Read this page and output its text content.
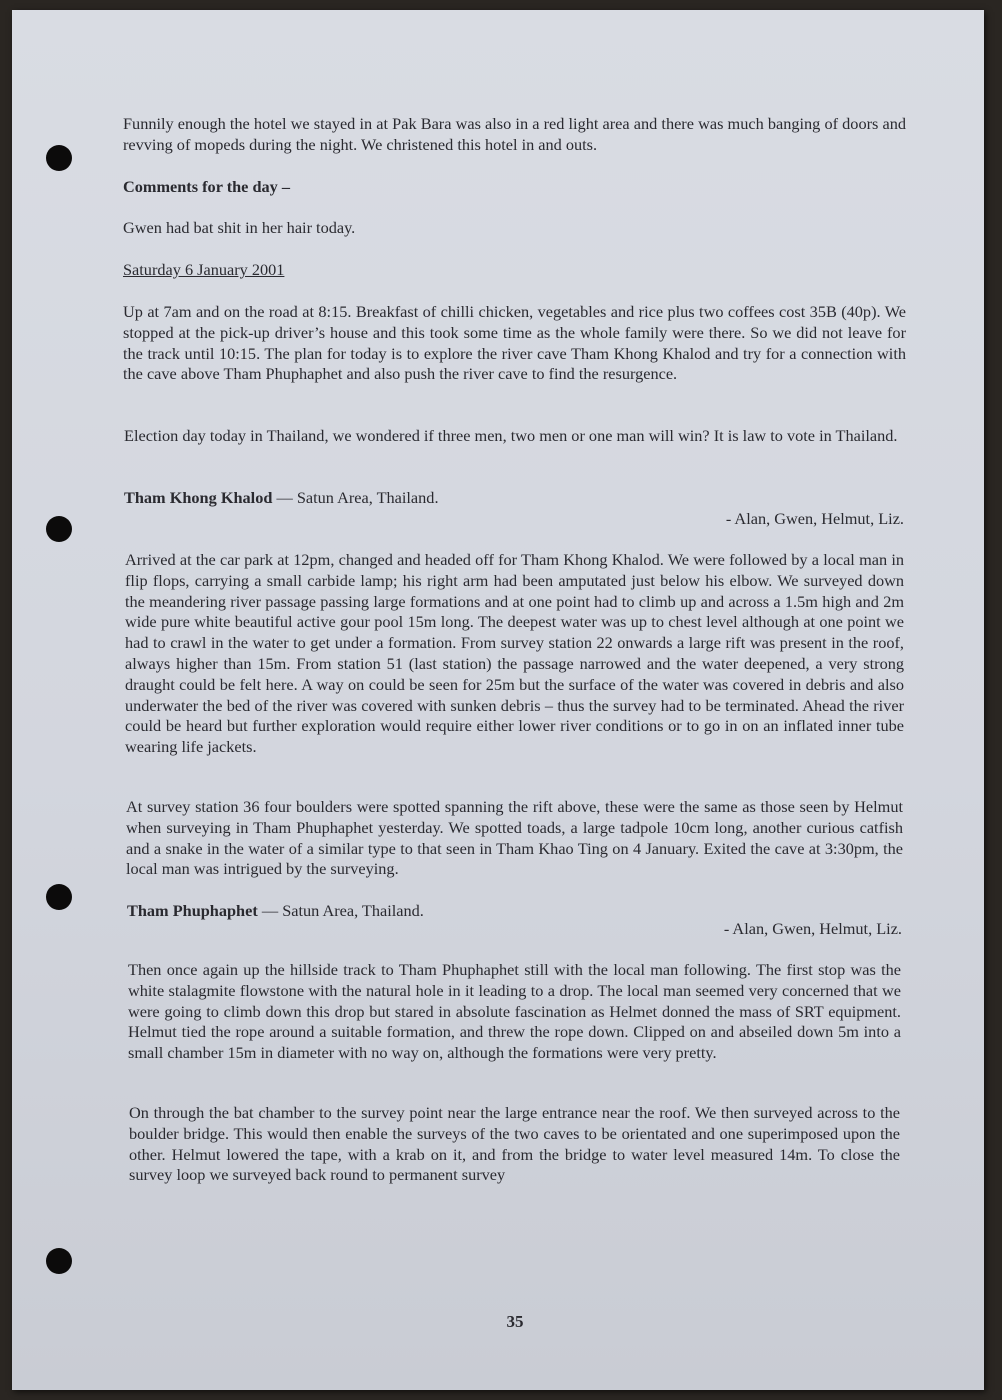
Funnily enough the hotel we stayed in at Pak Bara was also in a red light area and there was much banging of doors and revving of mopeds during the night. We christened this hotel in and outs.
Comments for the day –
Gwen had bat shit in her hair today.
Saturday 6 January 2001
Up at 7am and on the road at 8:15. Breakfast of chilli chicken, vegetables and rice plus two coffees cost 35B (40p). We stopped at the pick-up driver’s house and this took some time as the whole family were there. So we did not leave for the track until 10:15. The plan for today is to explore the river cave Tham Khong Khalod and try for a connection with the cave above Tham Phuphaphet and also push the river cave to find the resurgence.
Election day today in Thailand, we wondered if three men, two men or one man will win? It is law to vote in Thailand.
Tham Khong Khalod — Satun Area, Thailand.
- Alan, Gwen, Helmut, Liz.
Arrived at the car park at 12pm, changed and headed off for Tham Khong Khalod. We were followed by a local man in flip flops, carrying a small carbide lamp; his right arm had been amputated just below his elbow. We surveyed down the meandering river passage passing large formations and at one point had to climb up and across a 1.5m high and 2m wide pure white beautiful active gour pool 15m long. The deepest water was up to chest level although at one point we had to crawl in the water to get under a formation. From survey station 22 onwards a large rift was present in the roof, always higher than 15m. From station 51 (last station) the passage narrowed and the water deepened, a very strong draught could be felt here. A way on could be seen for 25m but the surface of the water was covered in debris and also underwater the bed of the river was covered with sunken debris – thus the survey had to be terminated. Ahead the river could be heard but further exploration would require either lower river conditions or to go in on an inflated inner tube wearing life jackets.
At survey station 36 four boulders were spotted spanning the rift above, these were the same as those seen by Helmut when surveying in Tham Phuphaphet yesterday. We spotted toads, a large tadpole 10cm long, another curious catfish and a snake in the water of a similar type to that seen in Tham Khao Ting on 4 January. Exited the cave at 3:30pm, the local man was intrigued by the surveying.
Tham Phuphaphet — Satun Area, Thailand.
- Alan, Gwen, Helmut, Liz.
Then once again up the hillside track to Tham Phuphaphet still with the local man following. The first stop was the white stalagmite flowstone with the natural hole in it leading to a drop. The local man seemed very concerned that we were going to climb down this drop but stared in absolute fascination as Helmet donned the mass of SRT equipment. Helmut tied the rope around a suitable formation, and threw the rope down. Clipped on and abseiled down 5m into a small chamber 15m in diameter with no way on, although the formations were very pretty.
On through the bat chamber to the survey point near the large entrance near the roof. We then surveyed across to the boulder bridge. This would then enable the surveys of the two caves to be orientated and one superimposed upon the other. Helmut lowered the tape, with a krab on it, and from the bridge to water level measured 14m. To close the survey loop we surveyed back round to permanent survey
35
